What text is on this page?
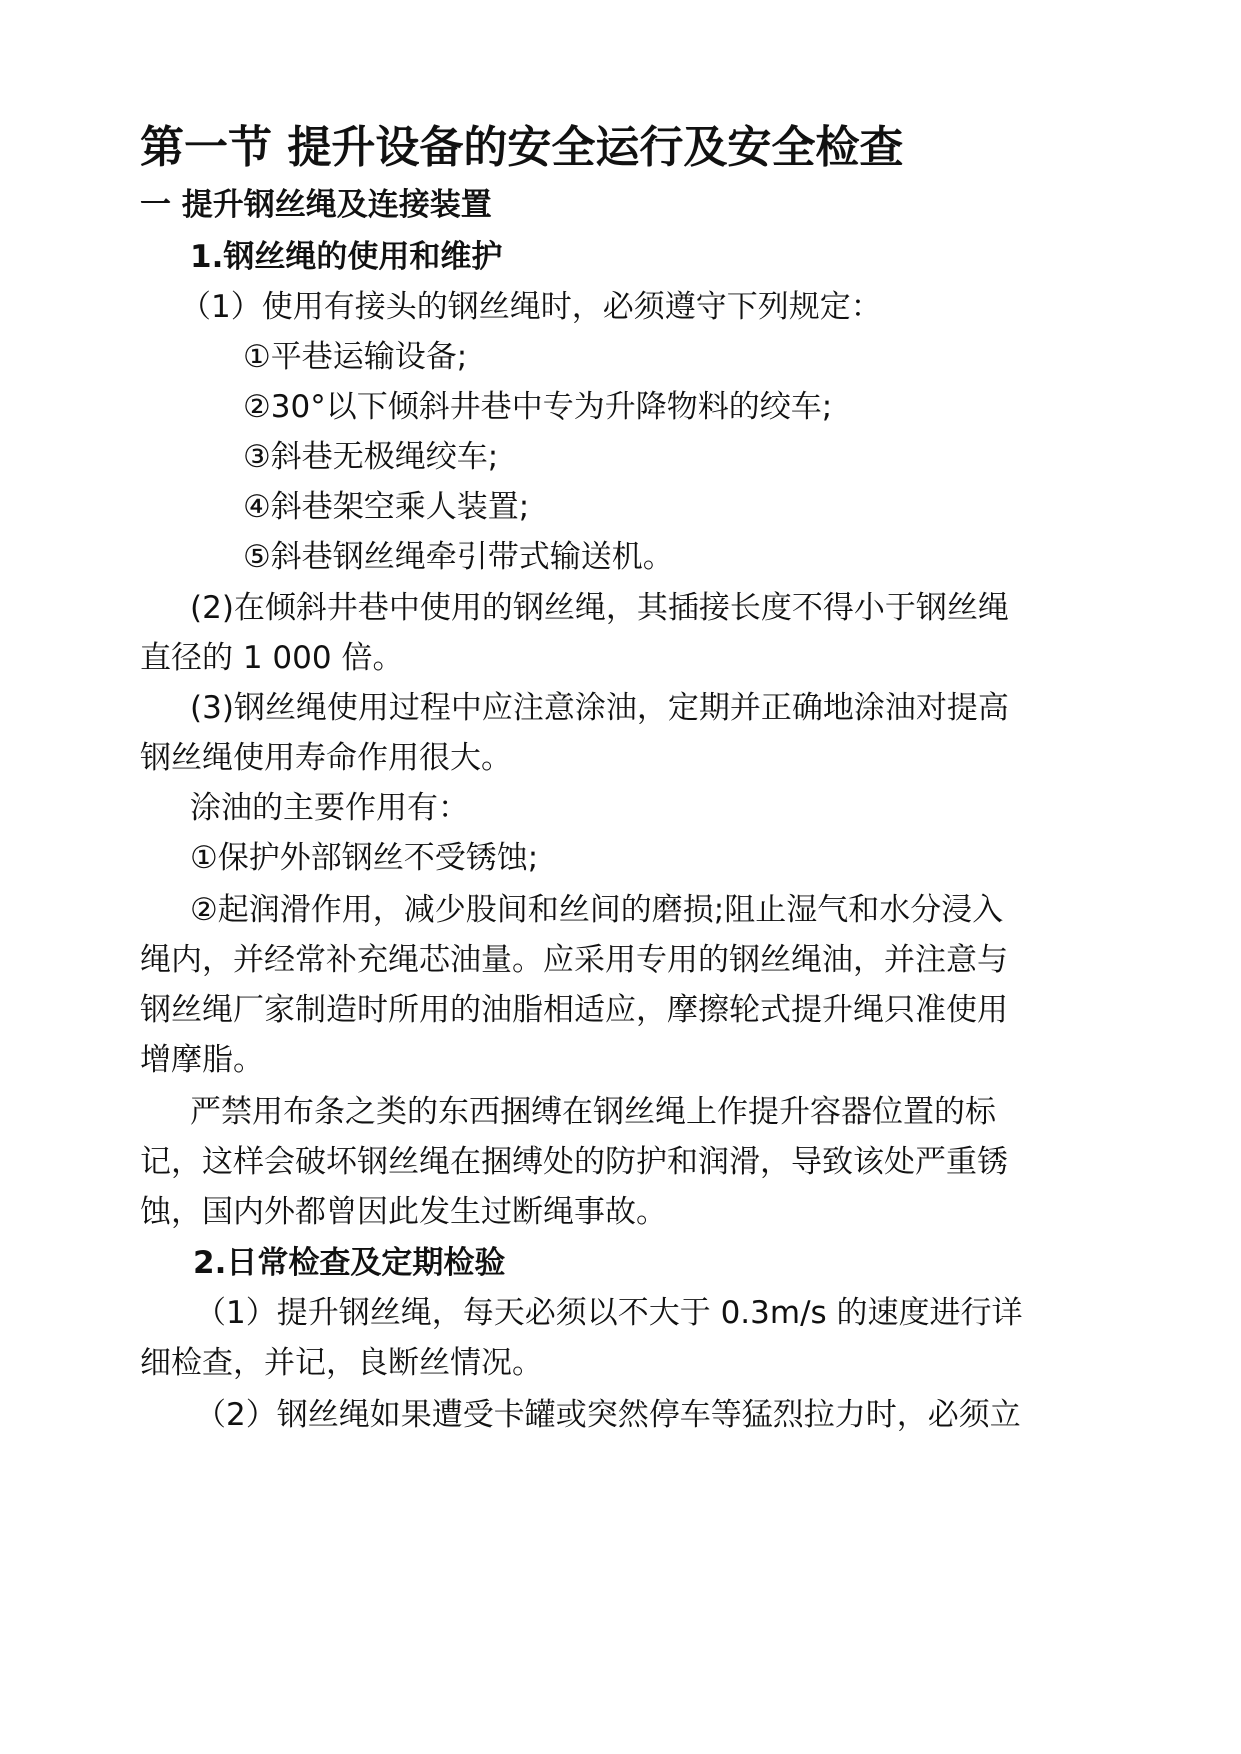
第一节 提升设备的安全运行及安全检查
一 提升钢丝绳及连接装置
1.钢丝绳的使用和维护
（1）使用有接头的钢丝绳时，必须遵守下列规定：
①平巷运输设备;
②30°以下倾斜井巷中专为升降物料的绞车;
③斜巷无极绳绞车;
④斜巷架空乘人装置;
⑤斜巷钢丝绳牵引带式输送机。
(2)在倾斜井巷中使用的钢丝绳，其插接长度不得小于钢丝绳
直径的 1 000 倍。
(3)钢丝绳使用过程中应注意涂油，定期并正确地涂油对提高
钢丝绳使用寿命作用很大。
涂油的主要作用有：
①保护外部钢丝不受锈蚀;
②起润滑作用，减少股间和丝间的磨损;阻止湿气和水分浸入
绳内，并经常补充绳芯油量。应采用专用的钢丝绳油，并注意与
钢丝绳厂家制造时所用的油脂相适应，摩擦轮式提升绳只准使用
增摩脂。
严禁用布条之类的东西捆缚在钢丝绳上作提升容器位置的标
记，这样会破坏钢丝绳在捆缚处的防护和润滑，导致该处严重锈
蚀，国内外都曾因此发生过断绳事故。
2.日常检查及定期检验
（1）提升钢丝绳，每天必须以不大于 0.3m/s 的速度进行详
细检查，并记，良断丝情况。
（2）钢丝绳如果遭受卡罐或突然停车等猛烈拉力时，必须立
